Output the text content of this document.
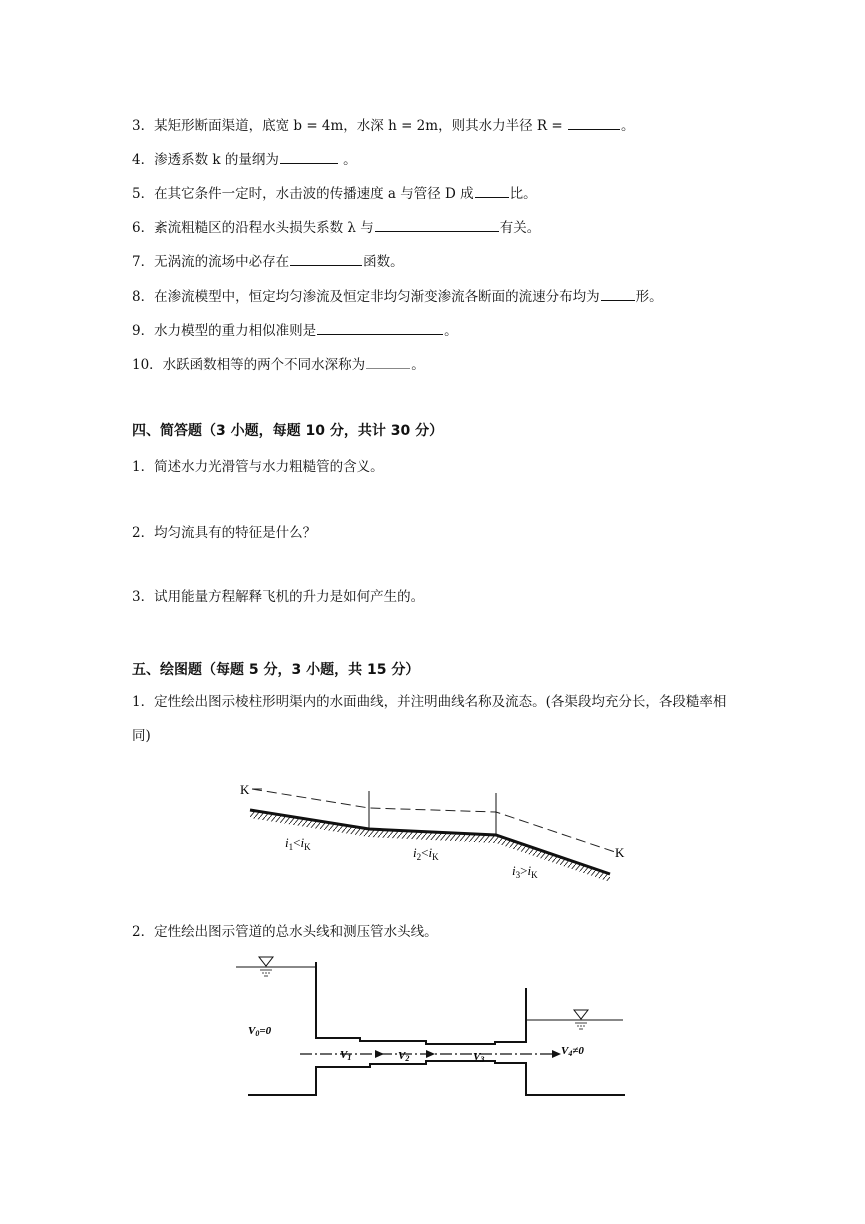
3．某矩形断面渠道，底宽 b = 4m，水深 h = 2m，则其水力半径 R =	。
4．渗透系数 k 的量纲为	。
5．在其它条件一定时，水击波的传播速度 a 与管径 D 成	比。
6．紊流粗糙区的沿程水头损失系数 λ 与	有关。
7．无涡流的流场中必存在	函数。
8．在渗流模型中，恒定均匀渗流及恒定非均匀渐变渗流各断面的流速分布均为	形。
9．水力模型的重力相似准则是	。
10．水跃函数相等的两个不同水深称为	。
四、简答题（3 小题，每题 10 分，共计 30 分）
1．简述水力光滑管与水力粗糙管的含义。
2．均匀流具有的特征是什么？
3．试用能量方程解释飞机的升力是如何产生的。
五、绘图题（每题 5 分，3 小题，共 15 分）
1．定性绘出图示棱柱形明渠内的水面曲线，并注明曲线名称及流态。(各渠段均充分长，各段糙率相同)
K
K
$i_1<i_K$	$i_2<i_K$
$i_3>i_K$
2．定性绘出图示管道的总水头线和测压管水头线。
V0=0
V1	V2	V3
V4≠0
